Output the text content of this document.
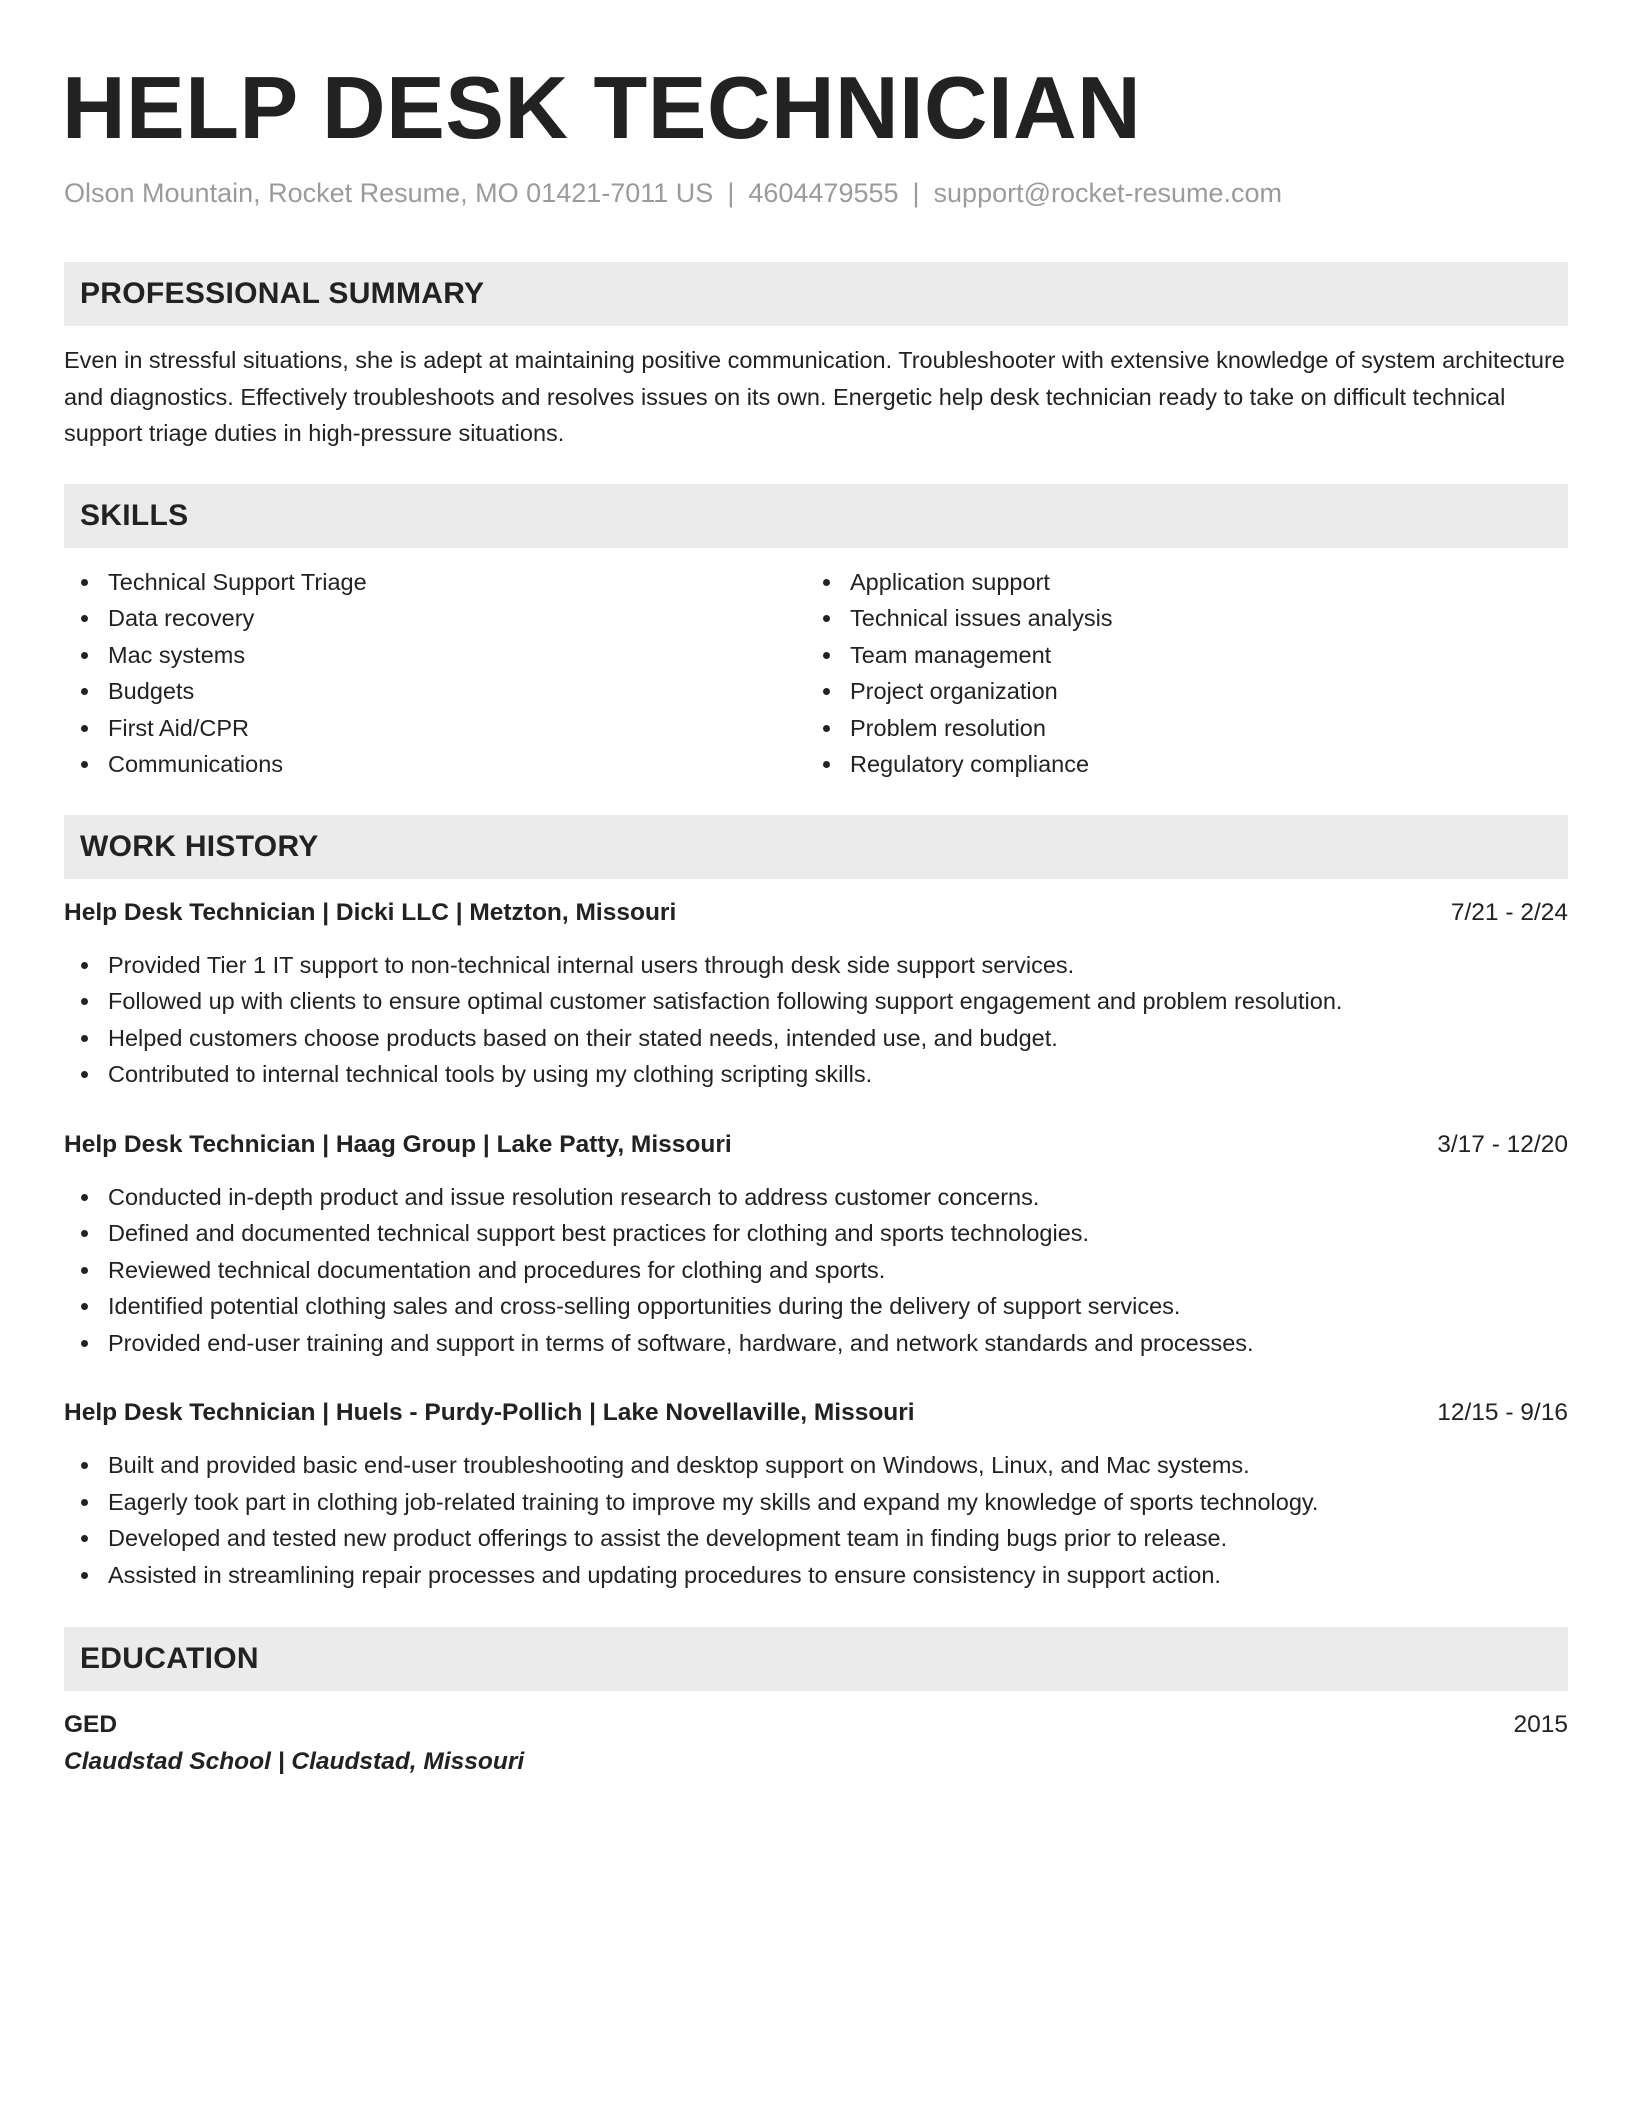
HELP DESK TECHNICIAN
Olson Mountain, Rocket Resume, MO 01421-7011 US | 4604479555 | support@rocket-resume.com
PROFESSIONAL SUMMARY
Even in stressful situations, she is adept at maintaining positive communication. Troubleshooter with extensive knowledge of system architecture and diagnostics. Effectively troubleshoots and resolves issues on its own. Energetic help desk technician ready to take on difficult technical support triage duties in high-pressure situations.
SKILLS
Technical Support Triage
Data recovery
Mac systems
Budgets
First Aid/CPR
Communications
Application support
Technical issues analysis
Team management
Project organization
Problem resolution
Regulatory compliance
WORK HISTORY
Help Desk Technician | Dicki LLC | Metzton, Missouri	7/21 - 2/24
Provided Tier 1 IT support to non-technical internal users through desk side support services.
Followed up with clients to ensure optimal customer satisfaction following support engagement and problem resolution.
Helped customers choose products based on their stated needs, intended use, and budget.
Contributed to internal technical tools by using my clothing scripting skills.
Help Desk Technician | Haag Group | Lake Patty, Missouri	3/17 - 12/20
Conducted in-depth product and issue resolution research to address customer concerns.
Defined and documented technical support best practices for clothing and sports technologies.
Reviewed technical documentation and procedures for clothing and sports.
Identified potential clothing sales and cross-selling opportunities during the delivery of support services.
Provided end-user training and support in terms of software, hardware, and network standards and processes.
Help Desk Technician | Huels - Purdy-Pollich | Lake Novellaville, Missouri	12/15 - 9/16
Built and provided basic end-user troubleshooting and desktop support on Windows, Linux, and Mac systems.
Eagerly took part in clothing job-related training to improve my skills and expand my knowledge of sports technology.
Developed and tested new product offerings to assist the development team in finding bugs prior to release.
Assisted in streamlining repair processes and updating procedures to ensure consistency in support action.
EDUCATION
GED	2015
Claudstad School | Claudstad, Missouri
